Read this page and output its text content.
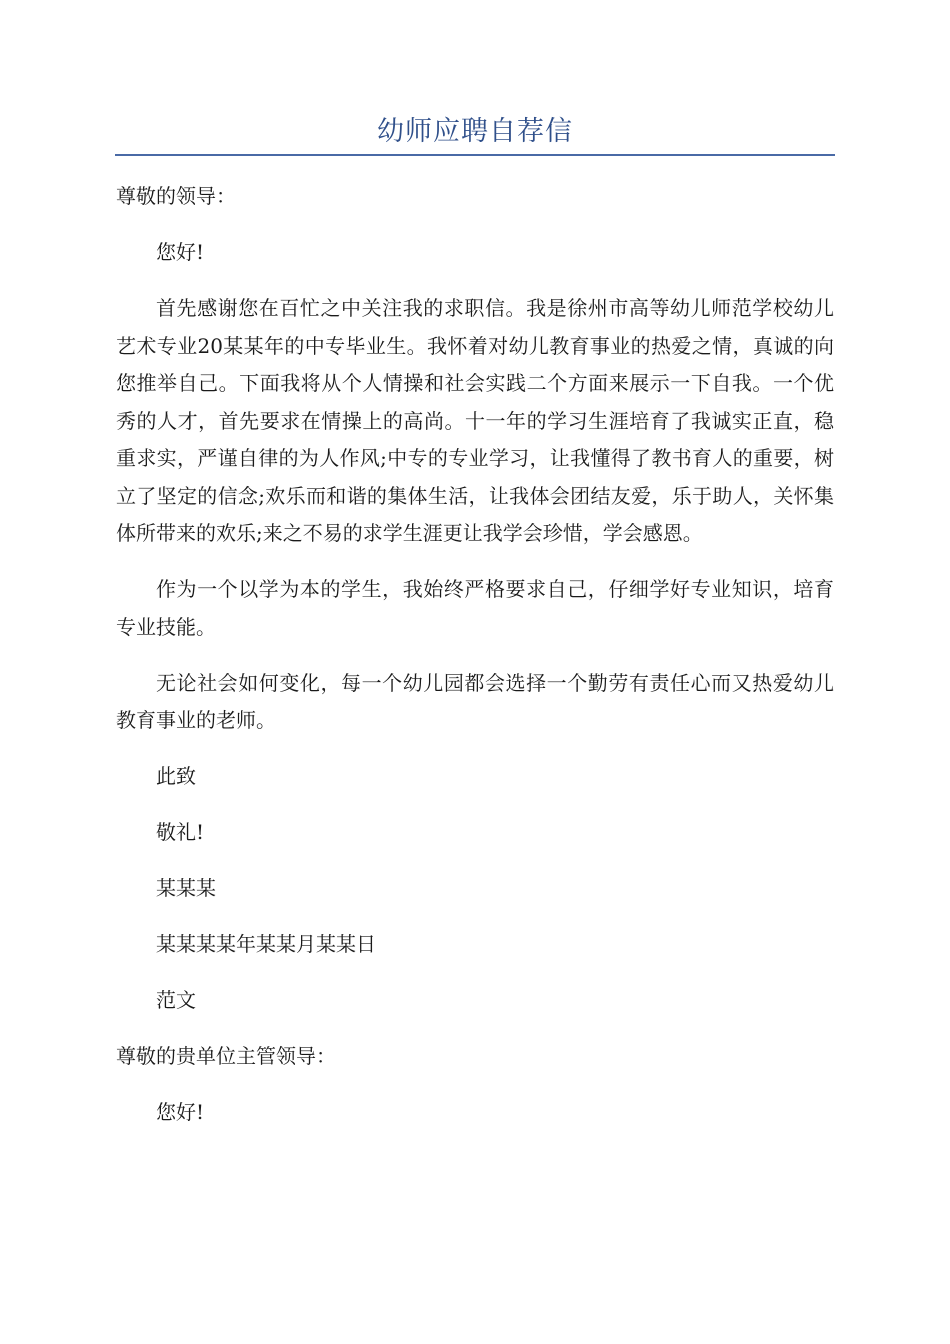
幼师应聘自荐信

尊敬的领导：

您好!

首先感谢您在百忙之中关注我的求职信。我是徐州市高等幼儿师范学校幼儿艺术专业20某某年的中专毕业生。我怀着对幼儿教育事业的热爱之情，真诚的向您推举自己。下面我将从个人情操和社会实践二个方面来展示一下自我。一个优秀的人才，首先要求在情操上的高尚。十一年的学习生涯培育了我诚实正直，稳重求实，严谨自律的为人作风;中专的专业学习，让我懂得了教书育人的重要，树立了坚定的信念;欢乐而和谐的集体生活，让我体会团结友爱，乐于助人，关怀集体所带来的欢乐;来之不易的求学生涯更让我学会珍惜，学会感恩。

作为一个以学为本的学生，我始终严格要求自己，仔细学好专业知识，培育专业技能。

无论社会如何变化，每一个幼儿园都会选择一个勤劳有责任心而又热爱幼儿教育事业的老师。

此致

敬礼!

某某某

某某某某年某某月某某日

范文

尊敬的贵单位主管领导：

您好!
